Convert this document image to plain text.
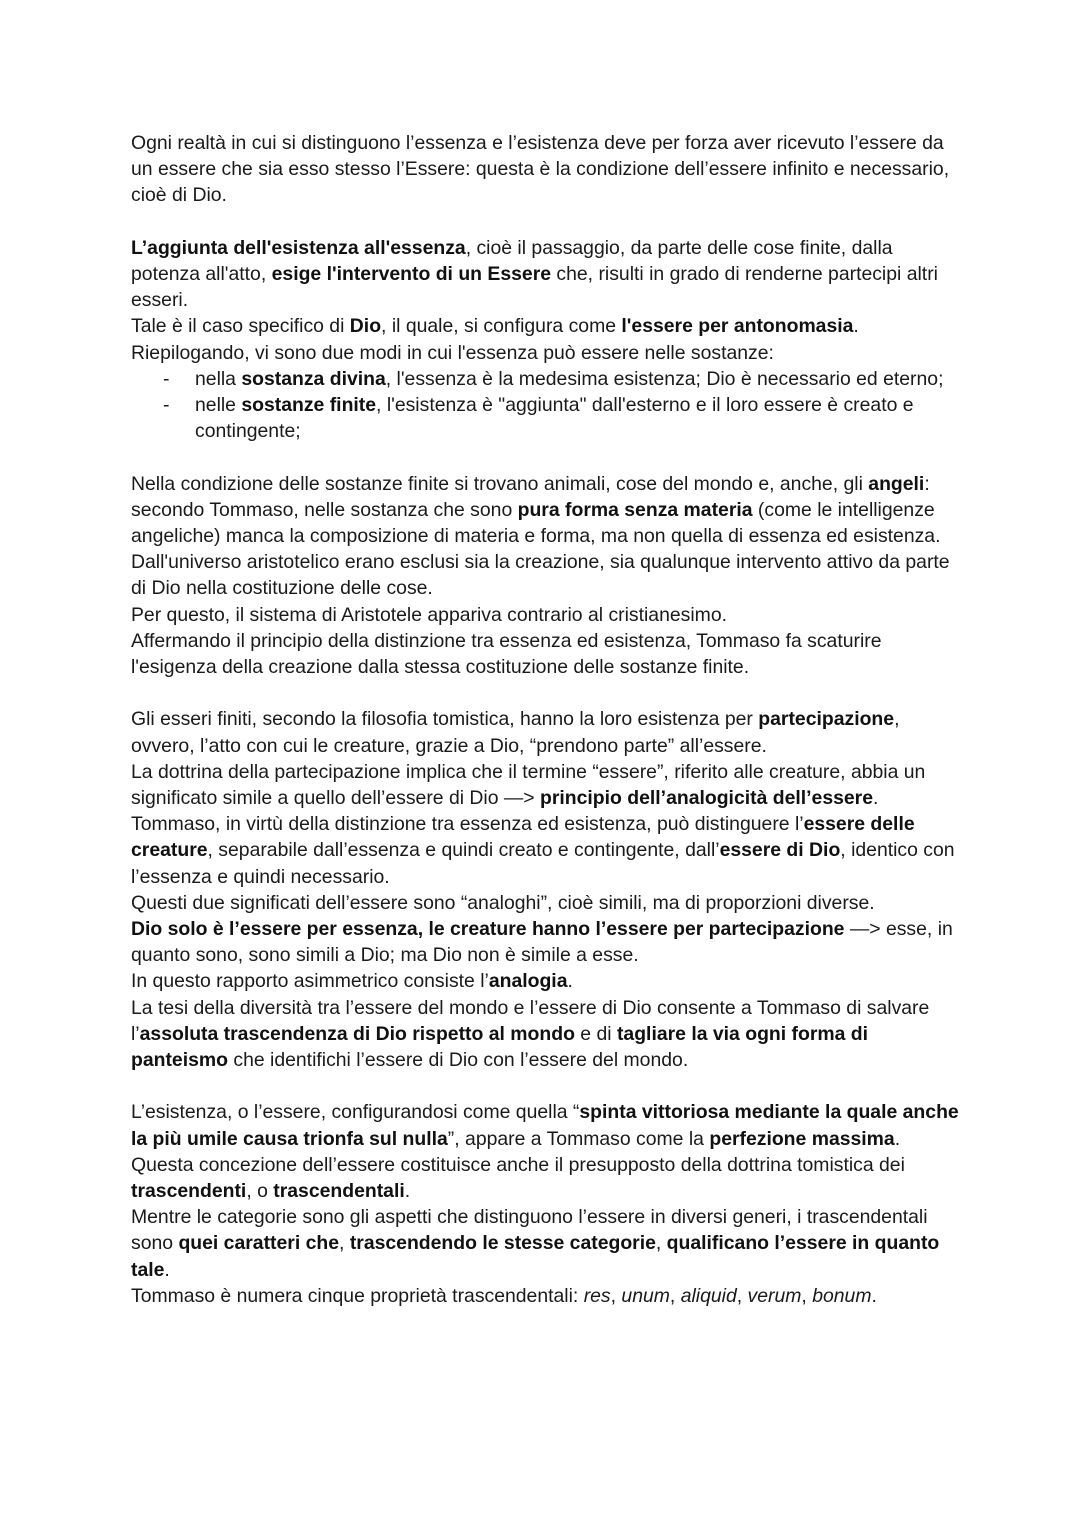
Ogni realtà in cui si distinguono l’essenza e l’esistenza deve per forza aver ricevuto l’essere da un essere che sia esso stesso l’Essere: questa è la condizione dell’essere infinito e necessario, cioè di Dio.

L’aggiunta dell'esistenza all'essenza, cioè il passaggio, da parte delle cose finite, dalla potenza all'atto, esige l'intervento di un Essere che, risulti in grado di renderne partecipi altri esseri.

Tale è il caso specifico di Dio, il quale, si configura come l'essere per antonomasia.

Riepilogando, vi sono due modi in cui l'essenza può essere nelle sostanze:

- nella sostanza divina, l'essenza è la medesima esistenza; Dio è necessario ed eterno;
- nelle sostanze finite, l'esistenza è "aggiunta" dall'esterno e il loro essere è creato e contingente;

Nella condizione delle sostanze finite si trovano animali, cose del mondo e, anche, gli angeli: secondo Tommaso, nelle sostanza che sono pura forma senza materia (come le intelligenze angeliche) manca la composizione di materia e forma, ma non quella di essenza ed esistenza.

Dall'universo aristotelico erano esclusi sia la creazione, sia qualunque intervento attivo da parte di Dio nella costituzione delle cose.

Per questo, il sistema di Aristotele appariva contrario al cristianesimo.

Affermando il principio della distinzione tra essenza ed esistenza, Tommaso fa scaturire l'esigenza della creazione dalla stessa costituzione delle sostanze finite.

Gli esseri finiti, secondo la filosofia tomistica, hanno la loro esistenza per partecipazione, ovvero, l’atto con cui le creature, grazie a Dio, “prendono parte” all’essere.

La dottrina della partecipazione implica che il termine “essere”, riferito alle creature, abbia un significato simile a quello dell’essere di Dio —> principio dell’analogicità dell’essere.

Tommaso, in virtù della distinzione tra essenza ed esistenza, può distinguere l’essere delle creature, separabile dall’essenza e quindi creato e contingente, dall’essere di Dio, identico con l’essenza e quindi necessario.

Questi due significati dell’essere sono “analoghi”, cioè simili, ma di proporzioni diverse.

Dio solo è l’essere per essenza, le creature hanno l’essere per partecipazione —> esse, in quanto sono, sono simili a Dio; ma Dio non è simile a esse.

In questo rapporto asimmetrico consiste l’analogia.

La tesi della diversità tra l’essere del mondo e l’essere di Dio consente a Tommaso di salvare l’assoluta trascendenza di Dio rispetto al mondo e di tagliare la via ogni forma di panteismo che identifichi l’essere di Dio con l’essere del mondo.

L’esistenza, o l’essere, configurandosi come quella “spinta vittoriosa mediante la quale anche la più umile causa trionfa sul nulla”, appare a Tommaso come la perfezione massima.

Questa concezione dell’essere costituisce anche il presupposto della dottrina tomistica dei trascendenti, o trascendentali.

Mentre le categorie sono gli aspetti che distinguono l’essere in diversi generi, i trascendentali sono quei caratteri che, trascendendo le stesse categorie, qualificano l’essere in quanto tale.

Tommaso è numera cinque proprietà trascendentali: res, unum, aliquid, verum, bonum.
